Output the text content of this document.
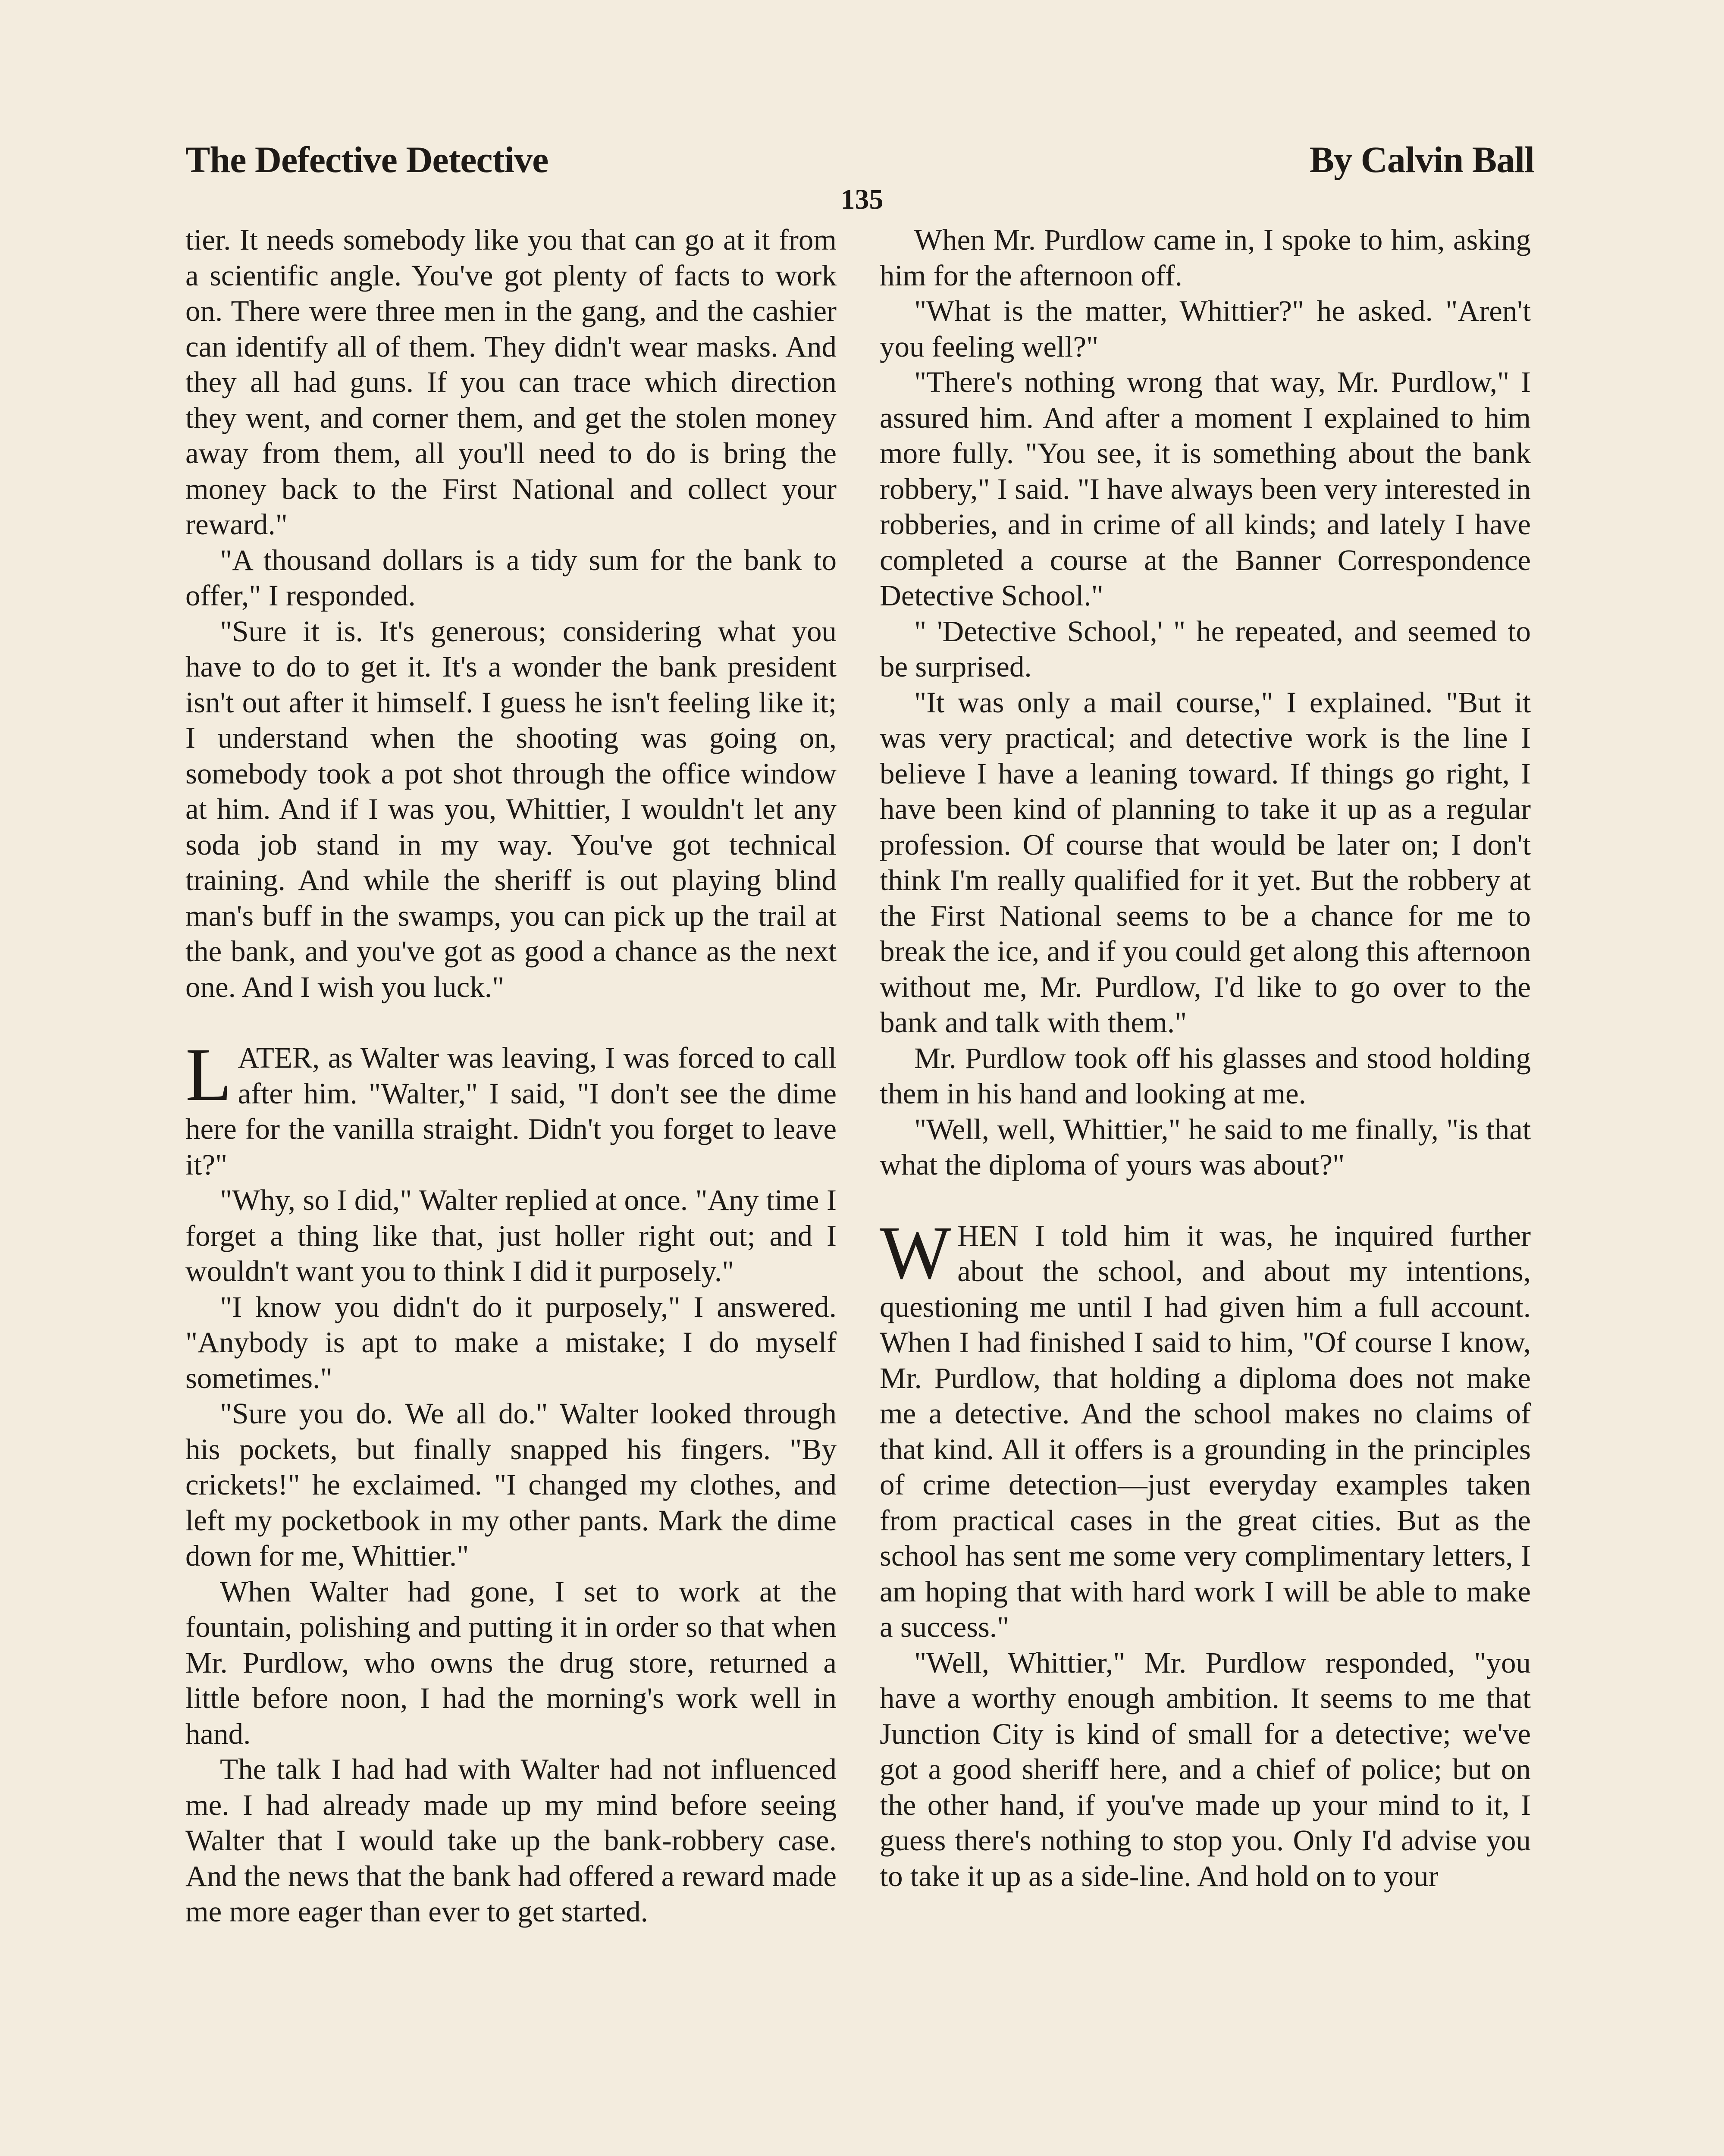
The Defective Detective	By Calvin Ball
135

tier. It needs somebody like you that can go at it from a scientific angle. You've got plenty of facts to work on. There were three men in the gang, and the cashier can identify all of them. They didn't wear masks. And they all had guns. If you can trace which direction they went, and corner them, and get the stolen money away from them, all you'll need to do is bring the money back to the First National and collect your reward."

"A thousand dollars is a tidy sum for the bank to offer," I responded.

"Sure it is. It's generous; considering what you have to do to get it. It's a wonder the bank president isn't out after it himself. I guess he isn't feeling like it; I understand when the shooting was going on, somebody took a pot shot through the office window at him. And if I was you, Whittier, I wouldn't let any soda job stand in my way. You've got technical training. And while the sheriff is out playing blind man's buff in the swamps, you can pick up the trail at the bank, and you've got as good a chance as the next one. And I wish you luck."

LATER, as Walter was leaving, I was forced to call after him. "Walter," I said, "I don't see the dime here for the vanilla straight. Didn't you forget to leave it?"

"Why, so I did," Walter replied at once. "Any time I forget a thing like that, just holler right out; and I wouldn't want you to think I did it purposely."

"I know you didn't do it purposely," I answered. "Anybody is apt to make a mistake; I do myself sometimes."

"Sure you do. We all do." Walter looked through his pockets, but finally snapped his fingers. "By crickets!" he exclaimed. "I changed my clothes, and left my pocketbook in my other pants. Mark the dime down for me, Whittier."

When Walter had gone, I set to work at the fountain, polishing and putting it in order so that when Mr. Purdlow, who owns the drug store, returned a little before noon, I had the morning's work well in hand.

The talk I had had with Walter had not influenced me. I had already made up my mind before seeing Walter that I would take up the bank-robbery case. And the news that the bank had offered a reward made me more eager than ever to get started.

When Mr. Purdlow came in, I spoke to him, asking him for the afternoon off.

"What is the matter, Whittier?" he asked. "Aren't you feeling well?"

"There's nothing wrong that way, Mr. Purdlow," I assured him. And after a moment I explained to him more fully. "You see, it is something about the bank robbery," I said. "I have always been very interested in robberies, and in crime of all kinds; and lately I have completed a course at the Banner Correspondence Detective School."

" 'Detective School,' " he repeated, and seemed to be surprised.

"It was only a mail course," I explained. "But it was very practical; and detective work is the line I believe I have a leaning toward. If things go right, I have been kind of planning to take it up as a regular profession. Of course that would be later on; I don't think I'm really qualified for it yet. But the robbery at the First National seems to be a chance for me to break the ice, and if you could get along this afternoon without me, Mr. Purdlow, I'd like to go over to the bank and talk with them."

Mr. Purdlow took off his glasses and stood holding them in his hand and looking at me.

"Well, well, Whittier," he said to me finally, "is that what the diploma of yours was about?"

WHEN I told him it was, he inquired further about the school, and about my intentions, questioning me until I had given him a full account. When I had finished I said to him, "Of course I know, Mr. Purdlow, that holding a diploma does not make me a detective. And the school makes no claims of that kind. All it offers is a grounding in the principles of crime detection—just everyday examples taken from practical cases in the great cities. But as the school has sent me some very complimentary letters, I am hoping that with hard work I will be able to make a success."

"Well, Whittier," Mr. Purdlow responded, "you have a worthy enough ambition. It seems to me that Junction City is kind of small for a detective; we've got a good sheriff here, and a chief of police; but on the other hand, if you've made up your mind to it, I guess there's nothing to stop you. Only I'd advise you to take it up as a side-line. And hold on to your
